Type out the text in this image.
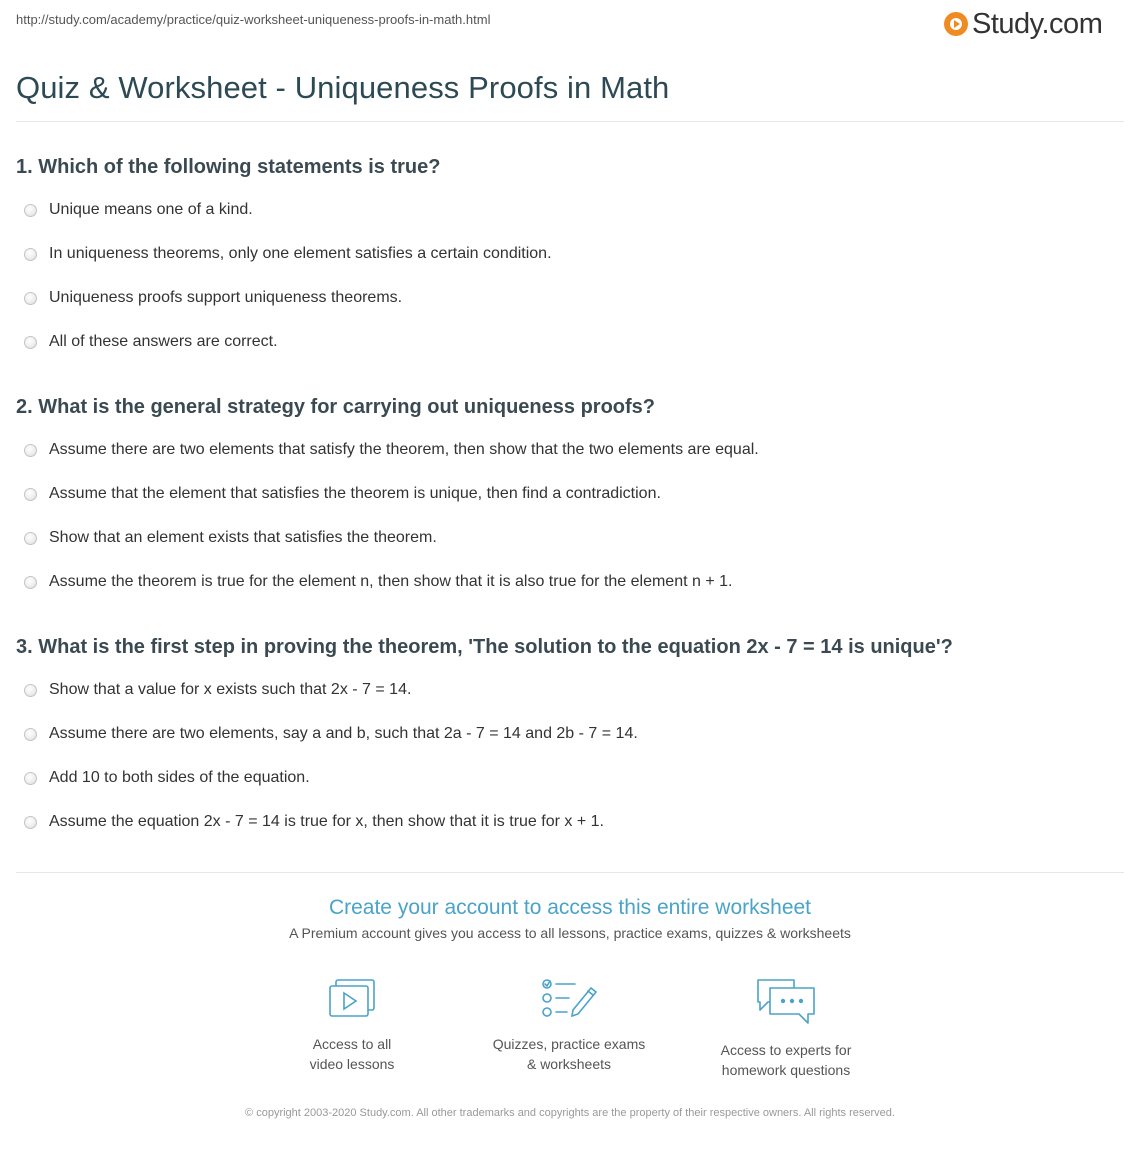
http://study.com/academy/practice/quiz-worksheet-uniqueness-proofs-in-math.html	Study.com
Quiz & Worksheet - Uniqueness Proofs in Math
1. Which of the following statements is true?
Unique means one of a kind.
In uniqueness theorems, only one element satisfies a certain condition.
Uniqueness proofs support uniqueness theorems.
All of these answers are correct.
2. What is the general strategy for carrying out uniqueness proofs?
Assume there are two elements that satisfy the theorem, then show that the two elements are equal.
Assume that the element that satisfies the theorem is unique, then find a contradiction.
Show that an element exists that satisfies the theorem.
Assume the theorem is true for the element n, then show that it is also true for the element n + 1.
3. What is the first step in proving the theorem, 'The solution to the equation 2x - 7 = 14 is unique'?
Show that a value for x exists such that 2x - 7 = 14.
Assume there are two elements, say a and b, such that 2a - 7 = 14 and 2b - 7 = 14.
Add 10 to both sides of the equation.
Assume the equation 2x - 7 = 14 is true for x, then show that it is true for x + 1.
Create your account to access this entire worksheet
A Premium account gives you access to all lessons, practice exams, quizzes & worksheets
Access to all
video lessons
Quizzes, practice exams
& worksheets
Access to experts for
homework questions
© copyright 2003-2020 Study.com. All other trademarks and copyrights are the property of their respective owners. All rights reserved.
